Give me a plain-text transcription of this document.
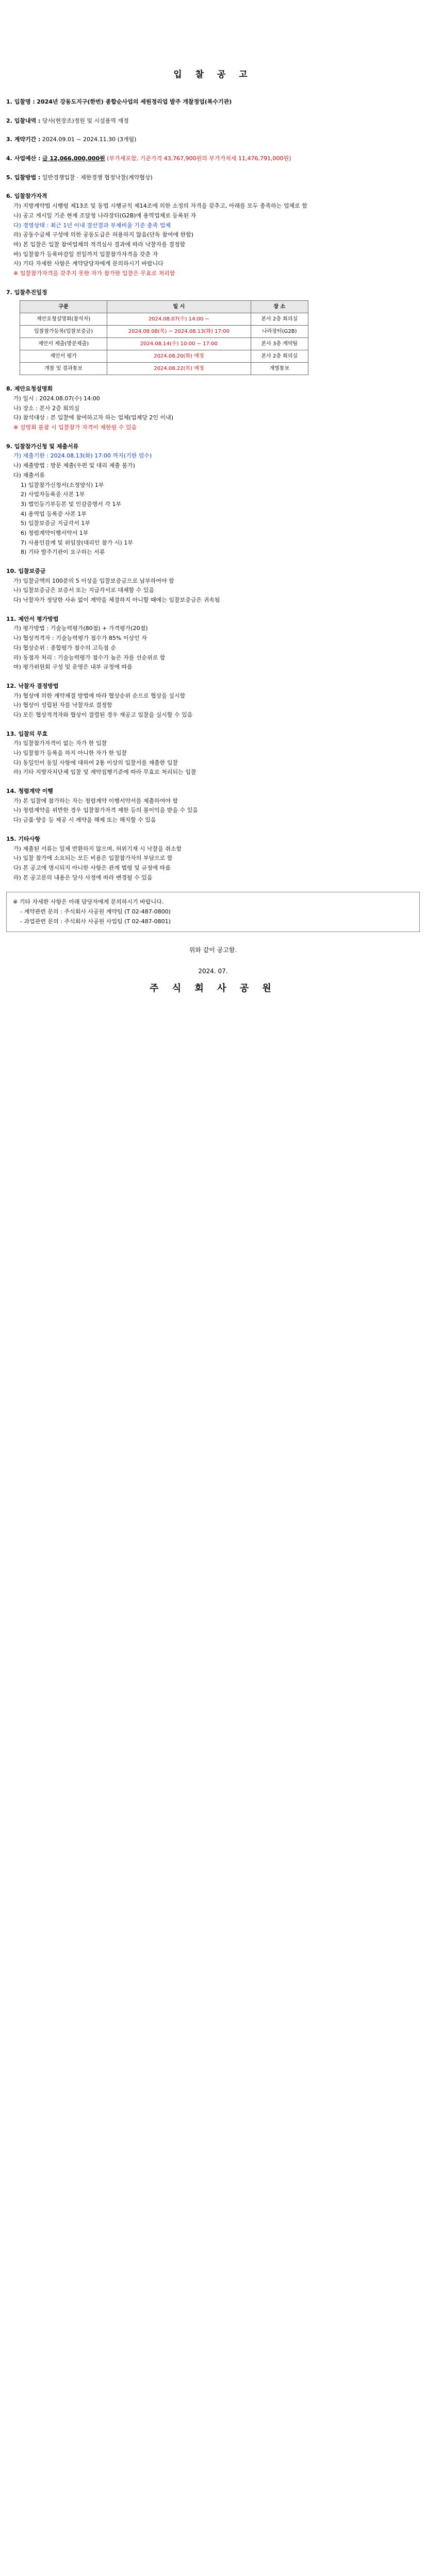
입 찰 공 고
1. 입찰명 : 2024년 강동도지구(한번) 종합순사업의 세원정리업 발주 개찰정업(복수기관)
2. 입찰내역 : 당사(현장조)정원 및 시설용역 재정
3. 계약기간 : 2024.09.01 ~ 2024.11.30 (3개월)
4. 사업예산 : 금 12,066,000,000원 (부가세포함, 기준가격 43,767,900원의 부가가치세 11,476,791,000원)
5. 입찰방법 : 일반경쟁입찰 · 제한경쟁 협정낙찰(계약협상)
6. 입찰참가자격
가) 지방계약법 시행령 제13조 및 동법 시행규칙 제14조에 의한 소정의 자격을 갖추고, 아래를 모두 충족하는 업체로 함
나) 공고 게시일 기준 현재 조달청 나라장터(G2B)에 용역업체로 등록된 자
다) 경영상태 : 최근 1년 이내 결산결과 부채비율 기준 충족 업체
라) 공동수급체 구성에 의한 공동도급은 허용하지 않음(단독 참여에 한함)
마) 본 입찰은 입찰 참여업체의 적격심사 결과에 따라 낙찰자를 결정함
바) 입찰참가 등록마감일 전일까지 입찰참가자격을 갖춘 자
사) 기타 자세한 사항은 계약담당자에게 문의하시기 바랍니다
※ 입찰참가자격을 갖추지 못한 자가 참가한 입찰은 무효로 처리함
7. 입찰추진일정
구분	일 시	장 소
제안요청설명회(참석자)	2024.08.07(수) 14:00 ~	본사 2층 회의실
입찰참가등록(입찰보증금)	2024.08.08(목) ~ 2024.08.13(화) 17:00	나라장터(G2B)
제안서 제출(방문제출)	2024.08.14(수) 10:00 ~ 17:00	본사 3층 계약팀
제안서 평가	2024.08.20(화) 예정	본사 2층 회의실
개찰 및 결과통보	2024.08.22(목) 예정	개별통보
8. 제안요청설명회
가) 일시 : 2024.08.07(수) 14:00
나) 장소 : 본사 2층 회의실
다) 참석대상 : 본 입찰에 참여하고자 하는 업체(업체당 2인 이내)
※ 설명회 불참 시 입찰참가 자격이 제한될 수 있음
9. 입찰참가신청 및 제출서류
가) 제출기한 : 2024.08.13(화) 17:00 까지(기한 엄수)
나) 제출방법 : 방문 제출(우편 및 대리 제출 불가)
다) 제출서류
1) 입찰참가신청서(소정양식) 1부
2) 사업자등록증 사본 1부
3) 법인등기부등본 및 인감증명서 각 1부
4) 용역업 등록증 사본 1부
5) 입찰보증금 지급각서 1부
6) 청렴계약이행서약서 1부
7) 사용인감계 및 위임장(대리인 참가 시) 1부
8) 기타 발주기관이 요구하는 서류
10. 입찰보증금
가) 입찰금액의 100분의 5 이상을 입찰보증금으로 납부하여야 함
나) 입찰보증금은 보증서 또는 지급각서로 대체할 수 있음
다) 낙찰자가 정당한 사유 없이 계약을 체결하지 아니할 때에는 입찰보증금은 귀속됨
11. 제안서 평가방법
가) 평가방법 : 기술능력평가(80점) + 가격평가(20점)
나) 협상적격자 : 기술능력평가 점수가 85% 이상인 자
다) 협상순위 : 종합평가 점수의 고득점 순
라) 동점자 처리 : 기술능력평가 점수가 높은 자를 선순위로 함
마) 평가위원회 구성 및 운영은 내부 규정에 따름
12. 낙찰자 결정방법
가) 협상에 의한 계약체결 방법에 따라 협상순위 순으로 협상을 실시함
나) 협상이 성립된 자를 낙찰자로 결정함
다) 모든 협상적격자와 협상이 결렬된 경우 재공고 입찰을 실시할 수 있음
13. 입찰의 무효
가) 입찰참가자격이 없는 자가 한 입찰
나) 입찰참가 등록을 하지 아니한 자가 한 입찰
다) 동일인이 동일 사항에 대하여 2통 이상의 입찰서를 제출한 입찰
라) 기타 지방자치단체 입찰 및 계약집행기준에 따라 무효로 처리되는 입찰
14. 청렴계약 이행
가) 본 입찰에 참가하는 자는 청렴계약 이행서약서를 제출하여야 함
나) 청렴계약을 위반한 경우 입찰참가자격 제한 등의 불이익을 받을 수 있음
다) 금품·향응 등 제공 시 계약을 해제 또는 해지할 수 있음
15. 기타사항
가) 제출된 서류는 일체 반환하지 않으며, 허위기재 시 낙찰을 취소함
나) 입찰 참가에 소요되는 모든 비용은 입찰참가자의 부담으로 함
다) 본 공고에 명시되지 아니한 사항은 관계 법령 및 규정에 따름
라) 본 공고문의 내용은 당사 사정에 따라 변경될 수 있음
※ 기타 자세한 사항은 아래 담당자에게 문의하시기 바랍니다.
- 계약관련 문의 : 주식회사 사공원 계약팀 (T 02-487-0800)
- 과업관련 문의 : 주식회사 사공원 사업팀 (T 02-487-0801)
위와 같이 공고함.
2024. 07.
주 식 회 사 공 원
